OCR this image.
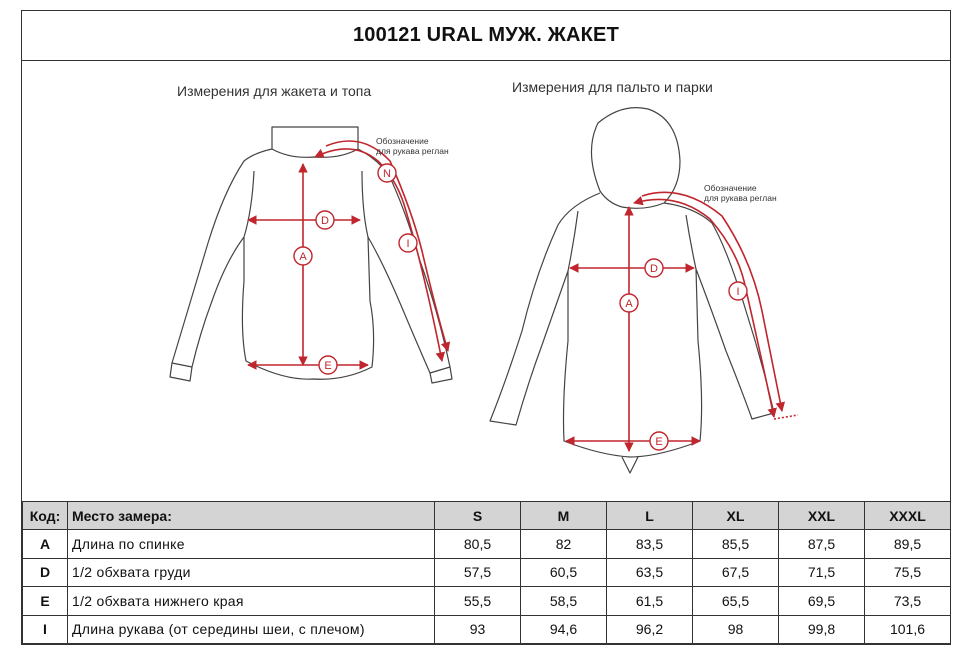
100121 URAL МУЖ. ЖАКЕТ
Измерения для жакета и топа	Измерения для пальто и парки
A
D
E
I
N
Обозначение
для рукава реглан
A
D
E
I
Обозначение
для рукава реглан
Код:	Место замера:	S	M	L	XL	XXL	XXXL
A	Длина по спинке	80,5	82	83,5	85,5	87,5	89,5
D	1/2 обхвата груди	57,5	60,5	63,5	67,5	71,5	75,5
E	1/2 обхвата нижнего края	55,5	58,5	61,5	65,5	69,5	73,5
I	Длина рукава (от середины шеи, с плечом)	93	94,6	96,2	98	99,8	101,6
